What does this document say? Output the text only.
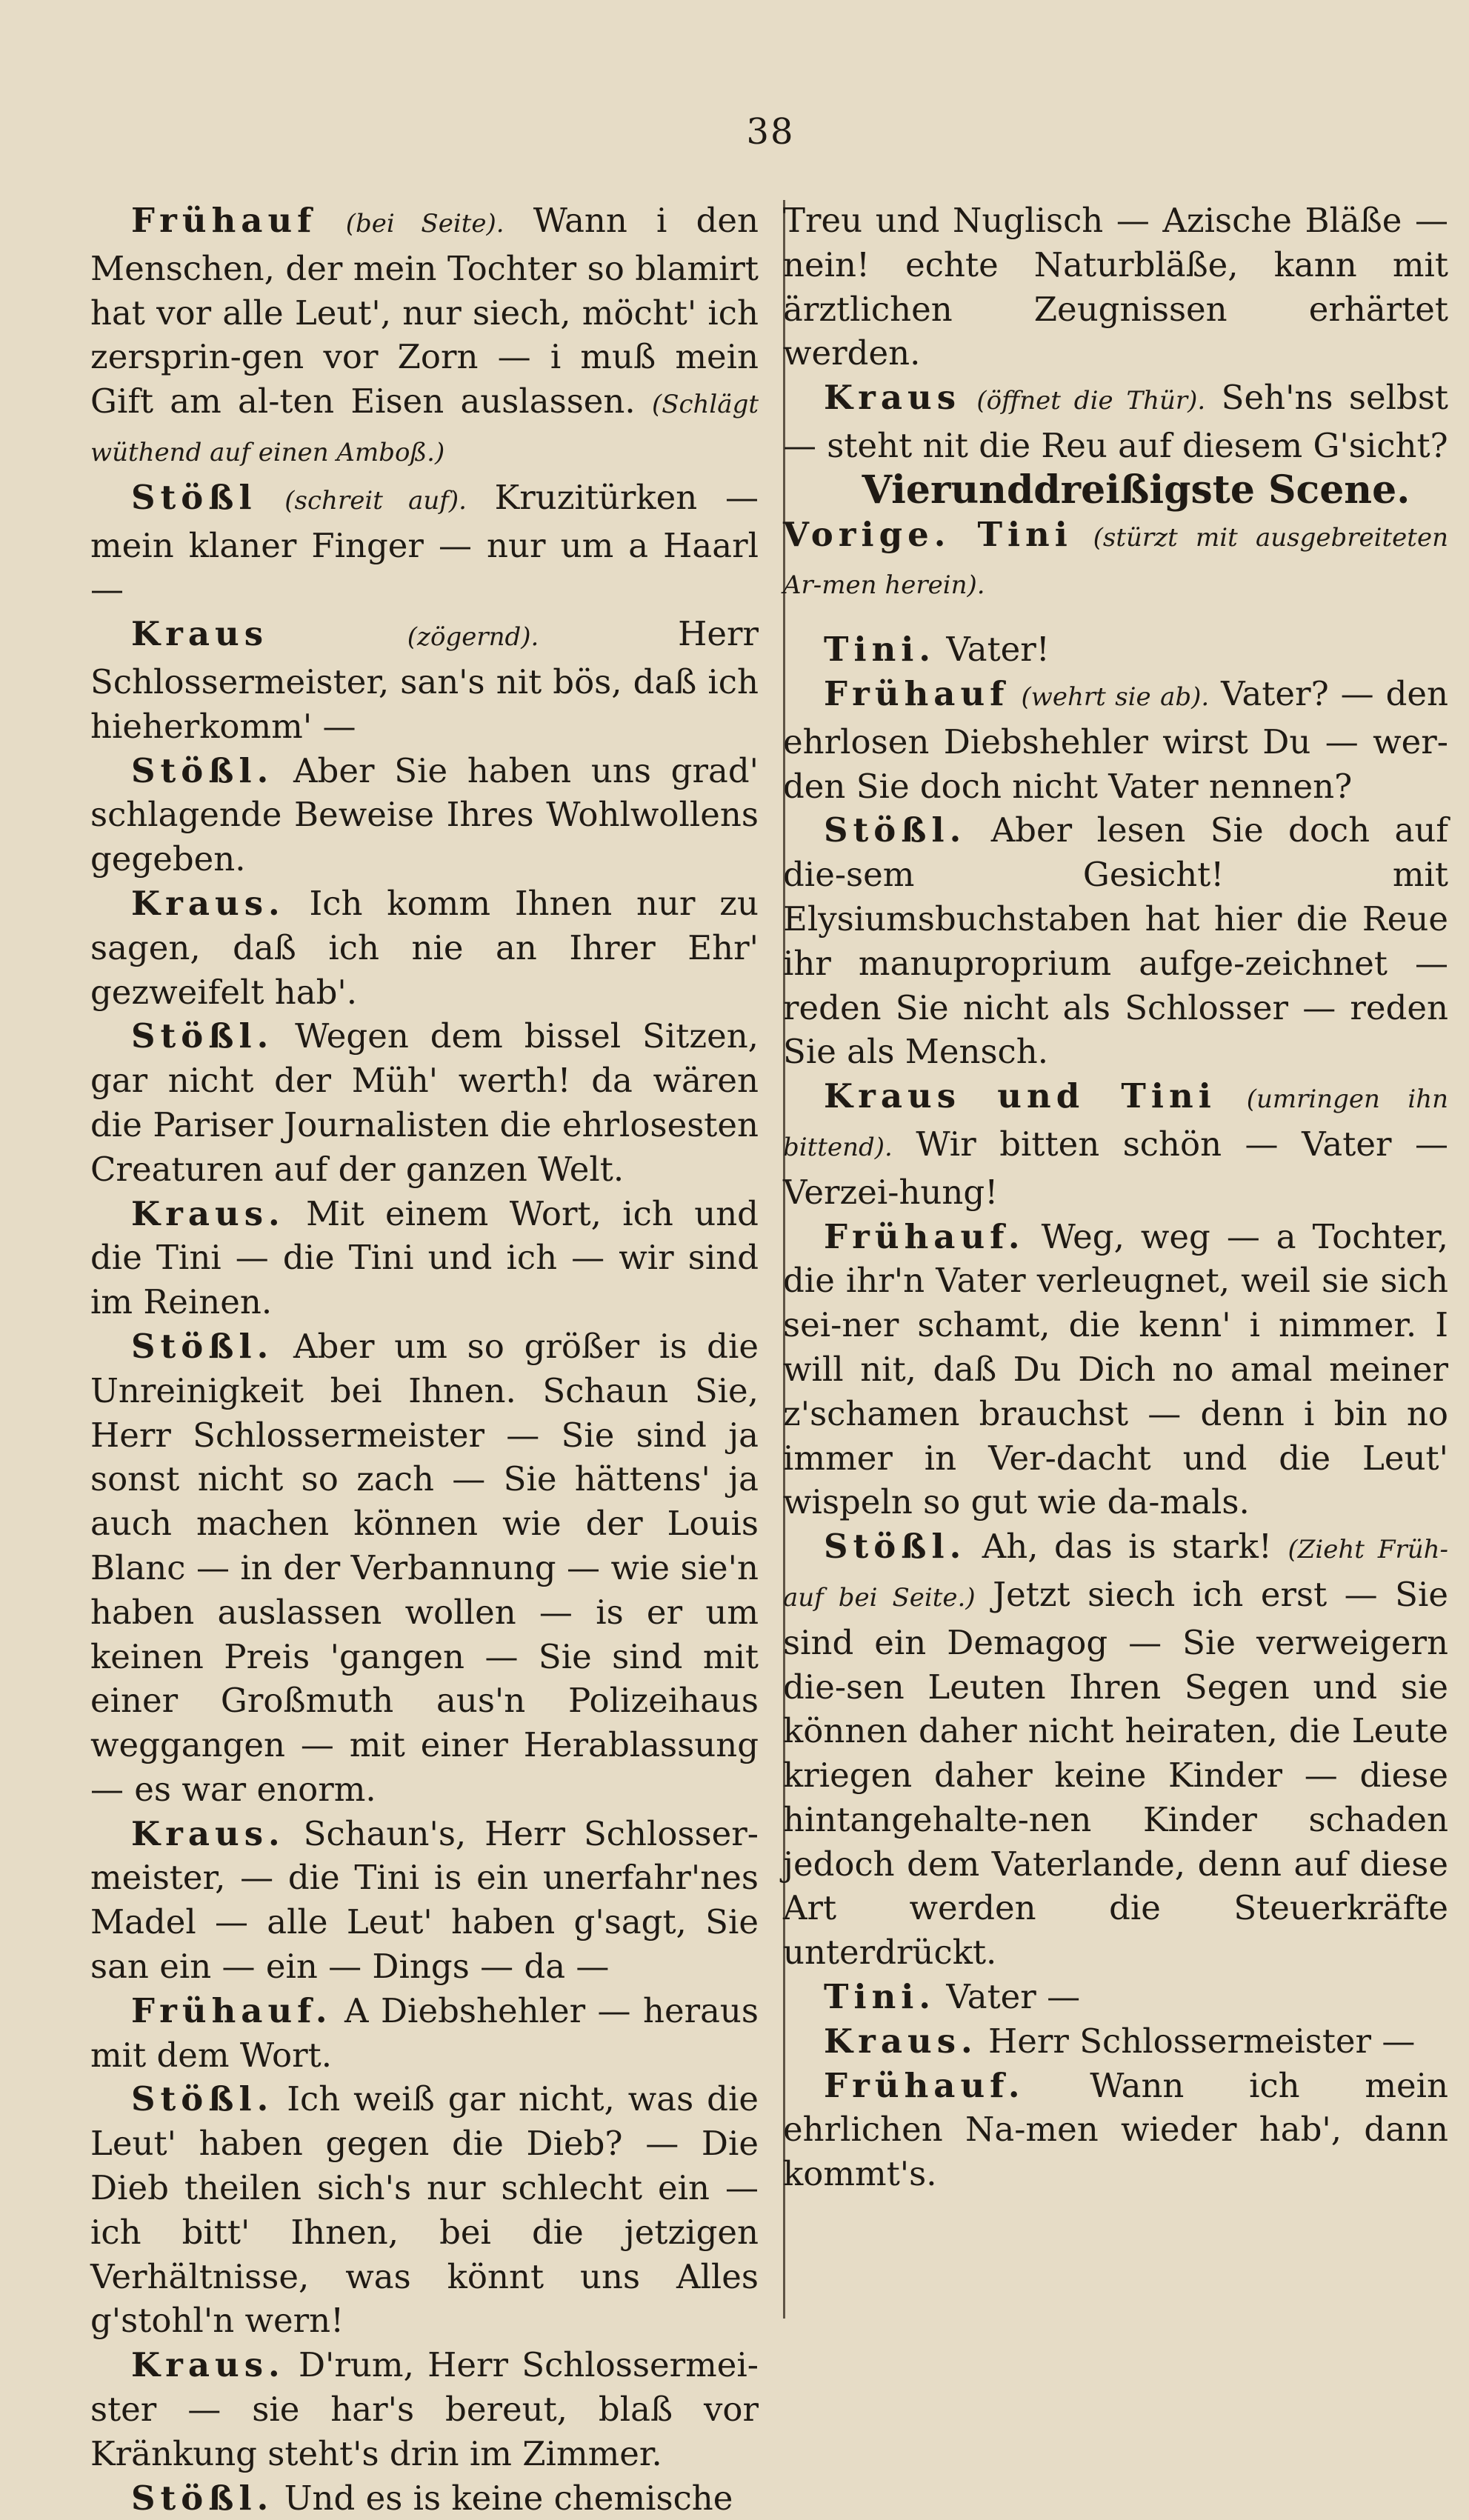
38

Frühauf (bei Seite). Wann i den Menschen, der mein Tochter so blamirt hat vor alle Leut', nur siech, möcht' ich zersprin-gen vor Zorn — i muß mein Gift am al-ten Eisen auslassen. (Schlägt wüthend auf einen Amboß.)

Stößl (schreit auf). Kruzitürken — mein klaner Finger — nur um a Haarl —

Kraus	(zögernd).	Herr Schlossermeister, san's nit bös, daß ich hieherkomm' —

Stößl. Aber Sie haben uns grad' schlagende Beweise Ihres Wohlwollens gegeben.

Kraus. Ich komm Ihnen nur zu sagen, daß ich nie an Ihrer Ehr' gezweifelt hab'.

Stößl. Wegen dem bissel Sitzen, gar nicht der Müh' werth! da wären die Pariser Journalisten die ehrlosesten Creaturen auf der ganzen Welt.

Kraus. Mit einem Wort, ich und die Tini — die Tini und ich — wir sind im Reinen.

Stößl. Aber um so größer is die Unreinigkeit bei Ihnen. Schaun Sie, Herr Schlossermeister — Sie sind ja sonst nicht so zach — Sie hättens' ja auch machen können wie der Louis Blanc — in der Verbannung — wie sie'n haben auslassen wollen — is er um keinen Preis 'gangen — Sie sind mit einer Großmuth aus'n Polizeihaus weggangen — mit einer Herablassung — es war enorm.

Kraus. Schaun's, Herr Schlosser-meister, — die Tini is ein unerfahr'nes Madel — alle Leut' haben g'sagt, Sie san ein — ein — Dings — da —

Frühauf. A Diebshehler — heraus mit dem Wort.

Stößl. Ich weiß gar nicht, was die Leut' haben gegen die Dieb? — Die Dieb theilen sich's nur schlecht ein — ich bitt' Ihnen, bei die jetzigen Verhältnisse, was könnt uns Alles g'stohl'n wern!

Kraus. D'rum, Herr Schlossermei-ster — sie har's bereut, blaß vor Kränkung steht's drin im Zimmer.

Stößl. Und es is keine chemische

Treu und Nuglisch — Azische Bläße — nein! echte Naturbläße, kann mit ärztlichen Zeugnissen erhärtet werden.

Kraus (öffnet die Thür). Seh'ns selbst — steht nit die Reu auf diesem G'sicht?

Vierunddreißigste Scene.

Vorige. Tini (stürzt mit ausgebreiteten Ar-men herein).

Tini. Vater!

Frühauf (wehrt sie ab). Vater? — den ehrlosen Diebshehler wirst Du — wer-den Sie doch nicht Vater nennen?

Stößl. Aber lesen Sie doch auf die-sem Gesicht! mit Elysiumsbuchstaben hat hier die Reue ihr manuproprium aufge-zeichnet — reden Sie nicht als Schlosser — reden Sie als Mensch.

Kraus und Tini (umringen ihn bittend). Wir bitten schön — Vater — Verzei-hung!

Frühauf. Weg, weg — a Tochter, die ihr'n Vater verleugnet, weil sie sich sei-ner schamt, die kenn' i nimmer. I will nit, daß Du Dich no amal meiner z'schamen brauchst — denn i bin no immer in Ver-dacht und die Leut' wispeln so gut wie da-mals.

Stößl. Ah, das is stark! (Zieht Früh-auf bei Seite.) Jetzt siech ich erst — Sie sind ein Demagog — Sie verweigern die-sen Leuten Ihren Segen und sie können daher nicht heiraten, die Leute kriegen daher keine Kinder — diese hintangehalte-nen Kinder schaden jedoch dem Vaterlande, denn auf diese Art werden die Steuerkräfte unterdrückt.

Tini. Vater —

Kraus. Herr Schlossermeister —

Frühauf. Wann ich mein ehrlichen Na-men wieder hab', dann kommt's.
